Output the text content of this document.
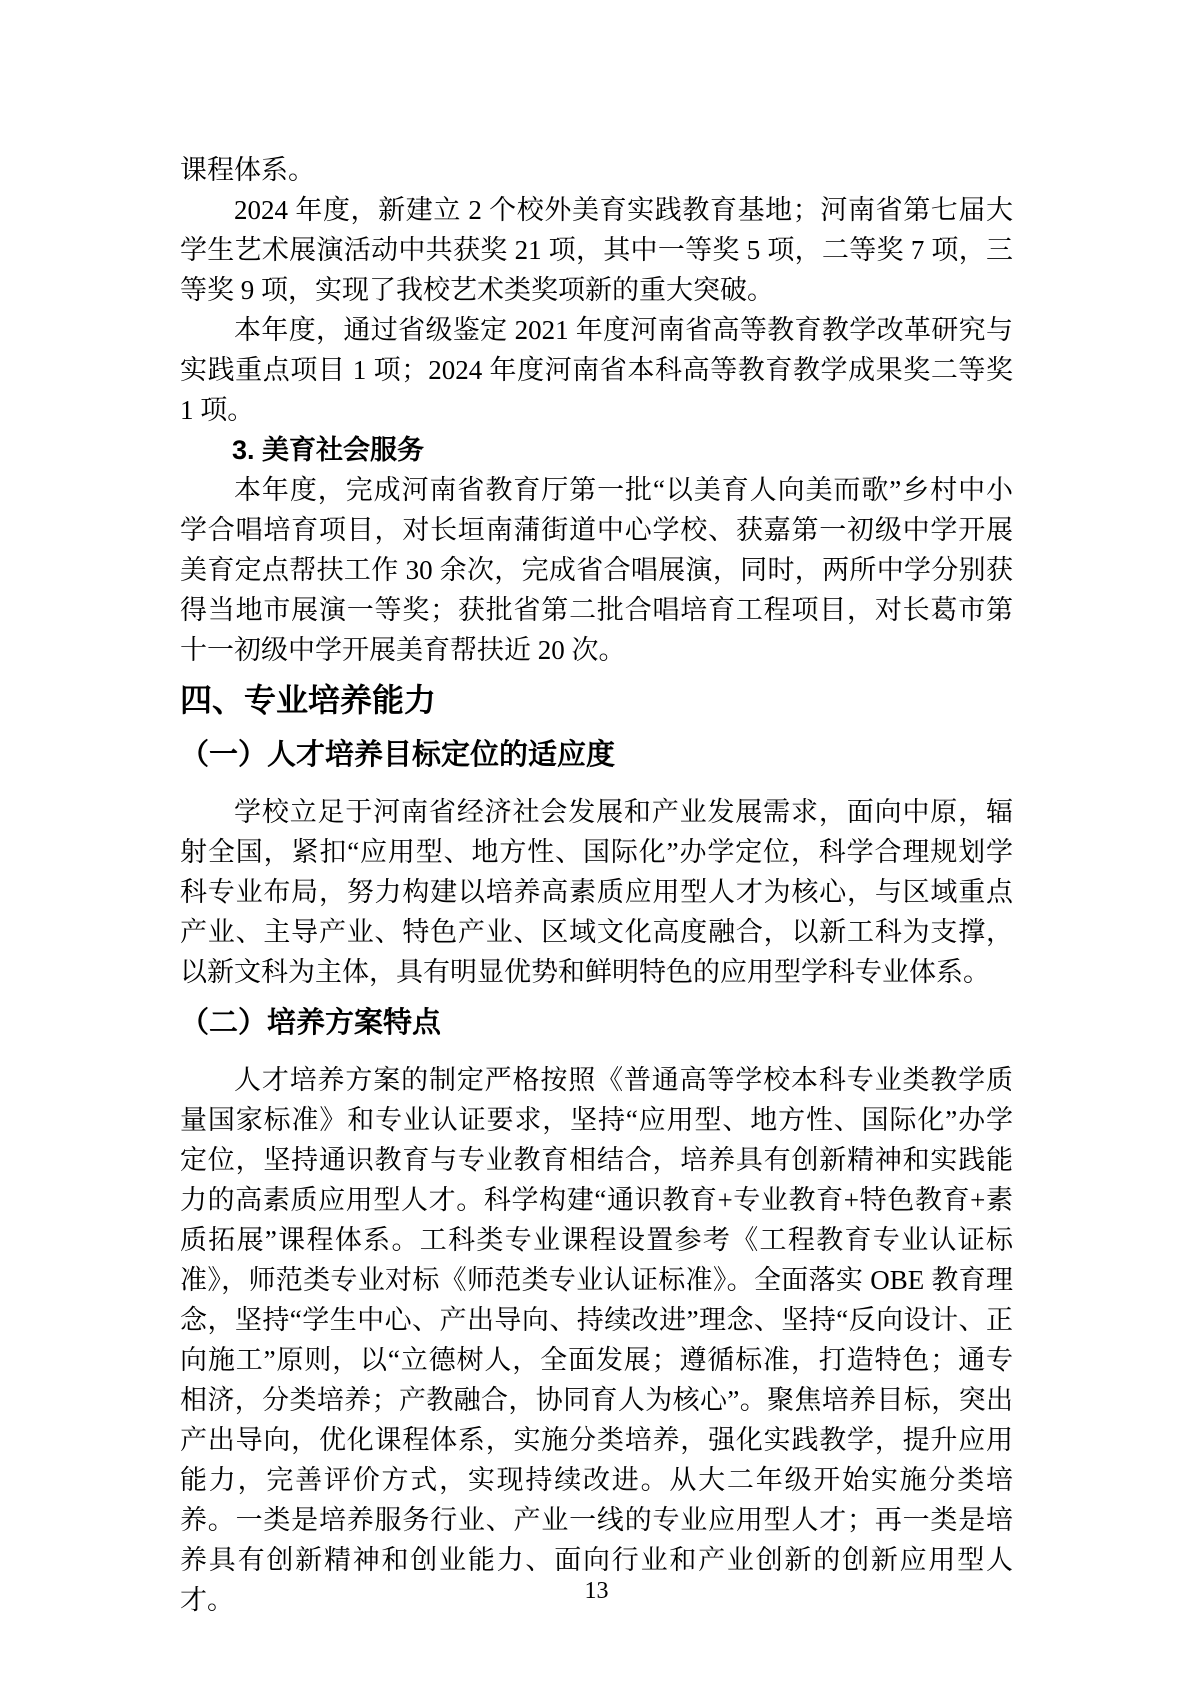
课程体系。

2024 年度，新建立 2 个校外美育实践教育基地；河南省第七届大学生艺术展演活动中共获奖 21 项，其中一等奖 5 项，二等奖 7 项，三等奖 9 项，实现了我校艺术类奖项新的重大突破。

本年度，通过省级鉴定 2021 年度河南省高等教育教学改革研究与实践重点项目 1 项；2024 年度河南省本科高等教育教学成果奖二等奖 1 项。

3. 美育社会服务

本年度，完成河南省教育厅第一批“以美育人向美而歌”乡村中小学合唱培育项目，对长垣南蒲街道中心学校、获嘉第一初级中学开展美育定点帮扶工作 30 余次，完成省合唱展演，同时，两所中学分别获得当地市展演一等奖；获批省第二批合唱培育工程项目，对长葛市第十一初级中学开展美育帮扶近 20 次。

四、专业培养能力

（一）人才培养目标定位的适应度

学校立足于河南省经济社会发展和产业发展需求，面向中原，辐射全国，紧扣“应用型、地方性、国际化”办学定位，科学合理规划学科专业布局，努力构建以培养高素质应用型人才为核心，与区域重点产业、主导产业、特色产业、区域文化高度融合，以新工科为支撑，以新文科为主体，具有明显优势和鲜明特色的应用型学科专业体系。

（二）培养方案特点

人才培养方案的制定严格按照《普通高等学校本科专业类教学质量国家标准》和专业认证要求，坚持“应用型、地方性、国际化”办学定位，坚持通识教育与专业教育相结合，培养具有创新精神和实践能力的高素质应用型人才。科学构建“通识教育+专业教育+特色教育+素质拓展”课程体系。工科类专业课程设置参考《工程教育专业认证标准》，师范类专业对标《师范类专业认证标准》。全面落实 OBE 教育理念，坚持“学生中心、产出导向、持续改进”理念、坚持“反向设计、正向施工”原则，以“立德树人，全面发展；遵循标准，打造特色；通专相济，分类培养；产教融合，协同育人为核心”。聚焦培养目标，突出产出导向，优化课程体系，实施分类培养，强化实践教学，提升应用能力，完善评价方式，实现持续改进。从大二年级开始实施分类培养。一类是培养服务行业、产业一线的专业应用型人才；再一类是培养具有创新精神和创业能力、面向行业和产业创新的创新应用型人才。	13
